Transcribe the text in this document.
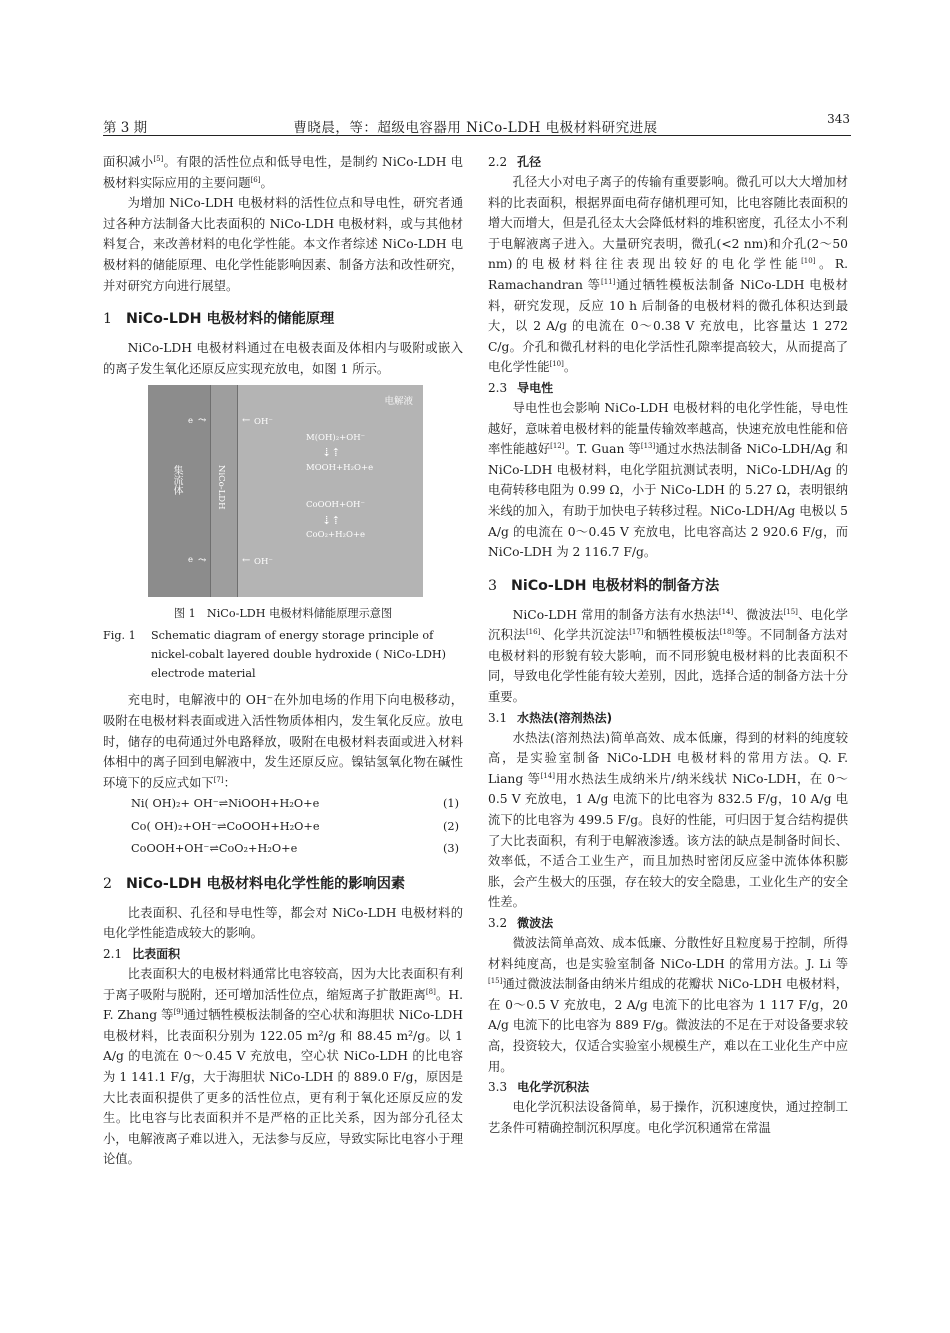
第 3 期	曹晓晨，等：超级电容器用 NiCo-LDH 电极材料研究进展
343

面积减小[5]。有限的活性位点和低导电性，是制约 NiCo-LDH 电极材料实际应用的主要问题[6]。

为增加 NiCo-LDH 电极材料的活性位点和导电性，研究者通过各种方法制备大比表面积的 NiCo-LDH 电极材料，或与其他材料复合，来改善材料的电化学性能。本文作者综述 NiCo-LDH 电极材料的储能原理、电化学性能影响因素、制备方法和改性研究，并对研究方向进行展望。

1 NiCo-LDH 电极材料的储能原理

NiCo-LDH 电极材料通过在电极表面及体相内与吸附或嵌入的离子发生氧化还原反应实现充放电，如图 1 所示。

电解液
集流体	NiCo-LDH
e ⤳	← OH⁻
M(OH)₂+OH⁻
⇣⇡
MOOH+H₂O+e
CoOOH+OH⁻
⇣⇡
CoO₂+H₂O+e
e ⤳	← OH⁻
图 1　NiCo-LDH 电极材料储能原理示意图
Fig. 1 Schematic diagram of energy storage principle of nickel-cobalt layered double hydroxide ( NiCo-LDH) electrode material

充电时，电解液中的 OH⁻在外加电场的作用下向电极移动，吸附在电极材料表面或进入活性物质体相内，发生氧化反应。放电时，储存的电荷通过外电路释放，吸附在电极材料表面或进入材料体相中的离子回到电解液中，发生还原反应。镍钴氢氧化物在碱性环境下的反应式如下[7]：

Ni( OH)₂+ OH⁻⇌NiOOH+H₂O+e	(1)
Co( OH)₂+OH⁻⇌CoOOH+H₂O+e	(2)
CoOOH+OH⁻⇌CoO₂+H₂O+e	(3)
2 NiCo-LDH 电极材料电化学性能的影响因素

比表面积、孔径和导电性等，都会对 NiCo-LDH 电极材料的电化学性能造成较大的影响。

2.1 比表面积

比表面积大的电极材料通常比电容较高，因为大比表面积有利于离子吸附与脱附，还可增加活性位点，缩短离子扩散距离[8]。H. F. Zhang 等[9]通过牺牲模板法制备的空心状和海胆状 NiCo-LDH 电极材料，比表面积分别为 122.05 m²/g 和 88.45 m²/g。以 1 A/g 的电流在 0～0.45 V 充放电，空心状 NiCo-LDH 的比电容为 1 141.1 F/g，大于海胆状 NiCo-LDH 的 889.0 F/g，原因是大比表面积提供了更多的活性位点，更有利于氧化还原反应的发生。比电容与比表面积并不是严格的正比关系，因为部分孔径太小，电解液离子难以进入，无法参与反应，导致实际比电容小于理论值。

2.2 孔径

孔径大小对电子离子的传输有重要影响。微孔可以大大增加材料的比表面积，根据界面电荷存储机理可知，比电容随比表面积的增大而增大，但是孔径太大会降低材料的堆积密度，孔径太小不利于电解液离子进入。大量研究表明，微孔(<2 nm)和介孔(2～50 nm)的电极材料往往表现出较好的电化学性能[10]。R. Ramachandran 等[11]通过牺牲模板法制备 NiCo-LDH 电极材料，研究发现，反应 10 h 后制备的电极材料的微孔体积达到最大，以 2 A/g 的电流在 0～0.38 V 充放电，比容量达 1 272 C/g。介孔和微孔材料的电化学活性孔隙率提高较大，从而提高了电化学性能[10]。

2.3 导电性

导电性也会影响 NiCo-LDH 电极材料的电化学性能，导电性越好，意味着电极材料的能量传输效率越高，快速充放电性能和倍率性能越好[12]。T. Guan 等[13]通过水热法制备 NiCo-LDH/Ag 和 NiCo-LDH 电极材料，电化学阻抗测试表明，NiCo-LDH/Ag 的电荷转移电阻为 0.99 Ω，小于 NiCo-LDH 的 5.27 Ω，表明银纳米线的加入，有助于加快电子转移过程。NiCo-LDH/Ag 电极以 5 A/g 的电流在 0～0.45 V 充放电，比电容高达 2 920.6 F/g，而 NiCo-LDH 为 2 116.7 F/g。

3 NiCo-LDH 电极材料的制备方法

NiCo-LDH 常用的制备方法有水热法[14]、微波法[15]、电化学沉积法[16]、化学共沉淀法[17]和牺牲模板法[18]等。不同制备方法对电极材料的形貌有较大影响，而不同形貌电极材料的比表面积不同，导致电化学性能有较大差别，因此，选择合适的制备方法十分重要。

3.1 水热法(溶剂热法)

水热法(溶剂热法)简单高效、成本低廉，得到的材料的纯度较高，是实验室制备 NiCo-LDH 电极材料的常用方法。Q. F. Liang 等[14]用水热法生成纳米片/纳米线状 NiCo-LDH，在 0～0.5 V 充放电，1 A/g 电流下的比电容为 832.5 F/g，10 A/g 电流下的比电容为 499.5 F/g。良好的性能，可归因于复合结构提供了大比表面积，有利于电解液渗透。该方法的缺点是制备时间长、效率低，不适合工业生产，而且加热时密闭反应釜中流体体积膨胀，会产生极大的压强，存在较大的安全隐患，工业化生产的安全性差。

3.2 微波法

微波法简单高效、成本低廉、分散性好且粒度易于控制，所得材料纯度高，也是实验室制备 NiCo-LDH 的常用方法。J. Li 等[15]通过微波法制备由纳米片组成的花瓣状 NiCo-LDH 电极材料，在 0～0.5 V 充放电，2 A/g 电流下的比电容为 1 117 F/g，20 A/g 电流下的比电容为 889 F/g。微波法的不足在于对设备要求较高，投资较大，仅适合实验室小规模生产，难以在工业化生产中应用。

3.3 电化学沉积法

电化学沉积法设备简单，易于操作，沉积速度快，通过控制工艺条件可精确控制沉积厚度。电化学沉积通常在常温
